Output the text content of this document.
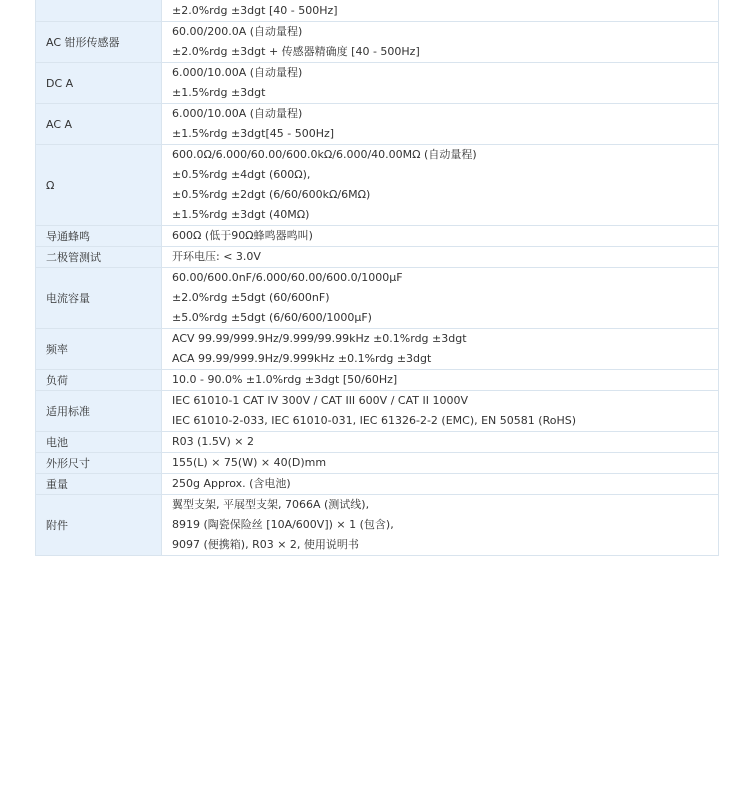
	±2.0%rdg ±3dgt [40 - 500Hz]

AC 钳形传感器	60.00/200.0A (自动量程)
±2.0%rdg ±3dgt + 传感器精确度 [40 - 500Hz]

DC A	6.000/10.00A (自动量程)
±1.5%rdg ±3dgt

AC A	6.000/10.00A (自动量程)
±1.5%rdg ±3dgt[45 - 500Hz]

Ω	600.0Ω/6.000/60.00/600.0kΩ/6.000/40.00MΩ (自动量程)
±0.5%rdg ±4dgt (600Ω),
±0.5%rdg ±2dgt (6/60/600kΩ/6MΩ)
±1.5%rdg ±3dgt (40MΩ)

导通蜂鸣	600Ω (低于90Ω蜂鸣器鸣叫)

二极管测试	开环电压: < 3.0V

电流容量	60.00/600.0nF/6.000/60.00/600.0/1000μF
±2.0%rdg ±5dgt (60/600nF)
±5.0%rdg ±5dgt (6/60/600/1000μF)

频率	ACV 99.99/999.9Hz/9.999/99.99kHz ±0.1%rdg ±3dgt
ACA 99.99/999.9Hz/9.999kHz ±0.1%rdg ±3dgt

负荷	10.0 - 90.0% ±1.0%rdg ±3dgt [50/60Hz]

适用标准	IEC 61010-1 CAT IV 300V / CAT III 600V / CAT II 1000V
IEC 61010-2-033, IEC 61010-031, IEC 61326-2-2 (EMC), EN 50581 (RoHS)

电池	R03 (1.5V) × 2

外形尺寸	155(L) × 75(W) × 40(D)mm

重量	250g Approx. (含电池)

附件	翼型支架, 平展型支架, 7066A (测试线),
8919 (陶瓷保险丝 [10A/600V]) × 1 (包含),
9097 (便携箱), R03 × 2, 使用说明书
